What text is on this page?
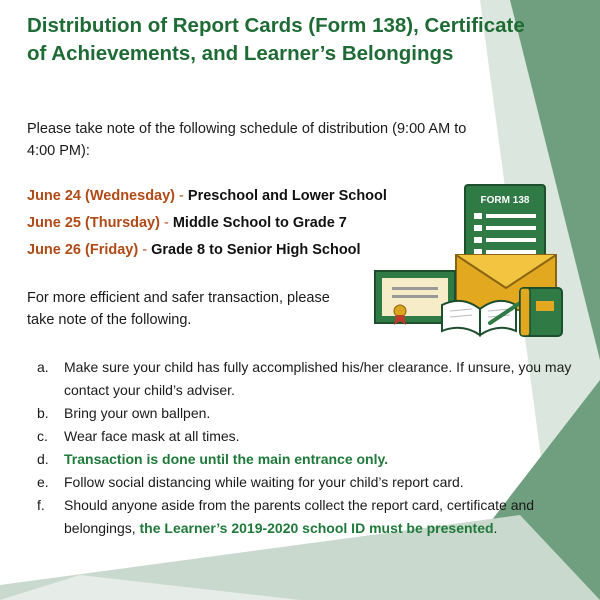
Distribution of Report Cards (Form 138), Certificate of Achievements, and Learner’s Belongings
Please take note of the following schedule of distribution (9:00 AM to 4:00 PM):
June 24 (Wednesday) - Preschool and Lower School
June 25 (Thursday) - Middle School to Grade 7
June 26 (Friday) - Grade 8 to Senior High School
For more efficient and safer transaction, please take note of the following.
a. Make sure your child has fully accomplished his/her clearance. If unsure, you may contact your child’s adviser.
b. Bring your own ballpen.
c. Wear face mask at all times.
d. Transaction is done until the main entrance only.
e. Follow social distancing while waiting for your child’s report card.
f. Should anyone aside from the parents collect the report card, certificate and belongings, the Learner’s 2019-2020 school ID must be presented.
FORM 138
